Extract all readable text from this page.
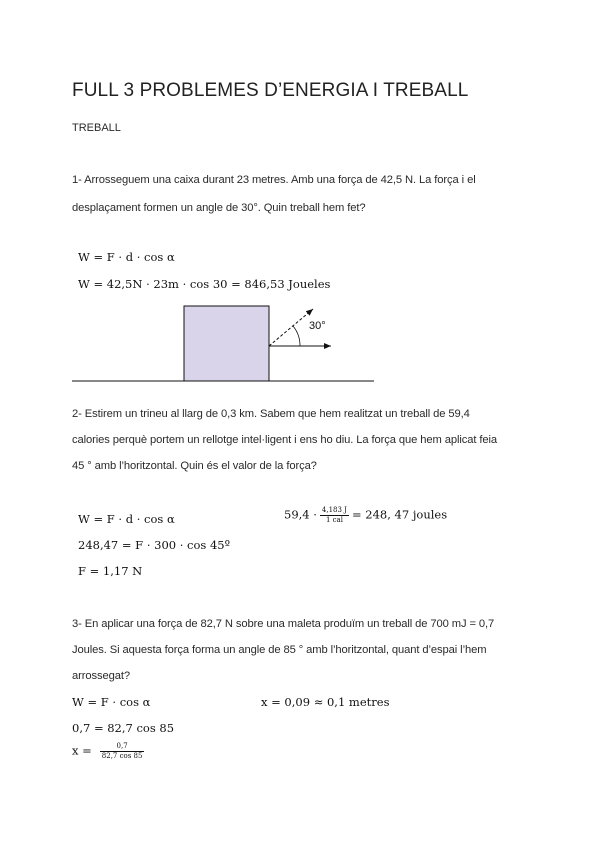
FULL 3 PROBLEMES D’ENERGIA I TREBALL
TREBALL
1- Arrosseguem una caixa durant 23 metres. Amb una força de 42,5 N. La força i el
desplaçament formen un angle de 30°. Quin treball hem fet?
W = F · d · cos α
W = 42,5N · 23m · cos 30 = 846,53 Joueles
30°
2- Estirem un trineu al llarg de 0,3 km. Sabem que hem realitzat un treball de 59,4
calories perquè portem un rellotge intel·ligent i ens ho diu. La força que hem aplicat feia
45 ° amb l’horitzontal. Quin és el valor de la força?
W = F · d · cos α	$59,4 \cdot \frac{4,183 J}{\text{1 cal}} = 248$, 47 joules
248,47 = F · 300 · cos 45º
F = 1,17 N
3- En aplicar una força de 82,7 N sobre una maleta produïm un treball de 700 mJ = 0,7
Joules. Si aquesta força forma un angle de 85 ° amb l’horitzontal, quant d’espai l’hem
arrossegat?
W = F · cos α	x = 0,09 ≈ 0,1 metres
0,7 = 82,7 cos 85
$x = \frac{0,7}{82,7 \cos 85}$
